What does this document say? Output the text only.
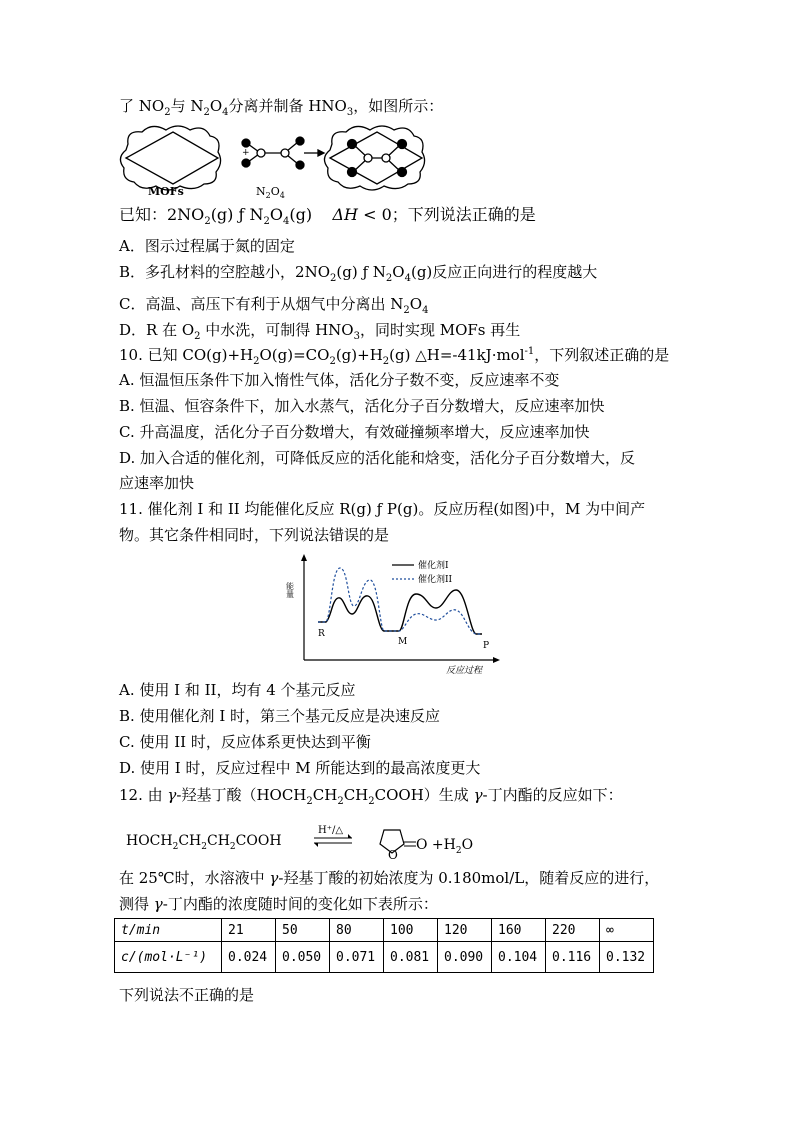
了 $NO_2$与 $N_2O_4$分离并制备 $HNO_3$，如图所示：
+
MOFs	$N_2O_4$
已知：$2NO_2(g)$ ƒ $N_2O_4(g) \Delta H < 0$；下列说法正确的是
A．图示过程属于氮的固定
B．多孔材料的空腔越小，$2NO_2(g)$ ƒ $N_2O_4(g)$反应正向进行的程度越大
C．高温、高压下有利于从烟气中分离出 $N_2O_4$
D．R 在 $O_2$ 中水洗，可制得 $HNO_3$，同时实现 MOFs 再生
10. 已知 $CO(g)+H_2O(g)=CO_2(g)+H_2(g)$ △H=-41kJ·mol$^{-1}$，下列叙述正确的是
A. 恒温恒压条件下加入惰性气体，活化分子数不变，反应速率不变
B. 恒温、恒容条件下，加入水蒸气，活化分子百分数增大，反应速率加快
C. 升高温度，活化分子百分数增大，有效碰撞频率增大，反应速率加快
D. 加入合适的催化剂，可降低反应的活化能和焓变，活化分子百分数增大，反
应速率加快
11. 催化剂 I 和 II 均能催化反应 R(g) ƒ P(g)。反应历程(如图)中，M 为中间产
物。其它条件相同时，下列说法错误的是
能量
反应过程
催化剂I
催化剂II
R
M	P
A. 使用 I 和 II，均有 4 个基元反应
B. 使用催化剂 I 时，第三个基元反应是决速反应
C. 使用 II 时，反应体系更快达到平衡
D. 使用 I 时，反应过程中 M 所能达到的最高浓度更大
12. 由 γ-羟基丁酸$(HOCH_2CH_2CH_2COOH)$生成 γ-丁内酯的反应如下：
$HOCH_2CH_2CH_2COOH$
H⁺/△
O
$O +H_2O$
在 25℃时，水溶液中 γ-羟基丁酸的初始浓度为 0.180mol/L，随着反应的进行，
测得 γ-丁内酯的浓度随时间的变化如下表所示：
t/min	21	50	80	100	120	160	220	∞
c/(mol·L⁻¹)	0.024	0.050	0.071	0.081	0.090	0.104	0.116	0.132
下列说法不正确的是
